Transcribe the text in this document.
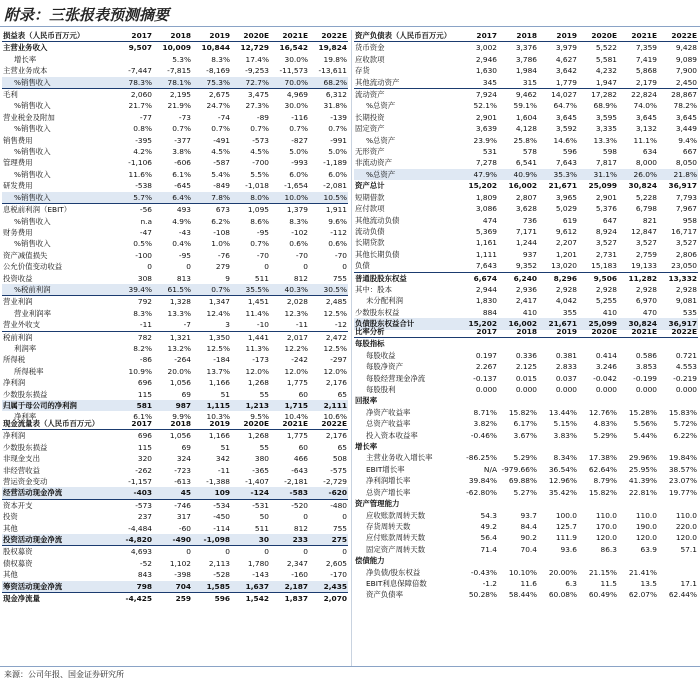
附录：三张报表预测摘要
损益表（人民币百万元）	2017	2018	2019	2020E	2021E	2022E
主营业务收入	9,507	10,009	10,844	12,729	16,542	19,824
增长率		5.3%	8.3%	17.4%	30.0%	19.8%
主营业务成本	-7,447	-7,815	-8,169	-9,253	-11,573	-13,611
%销售收入	78.3%	78.1%	75.3%	72.7%	70.0%	68.2%
毛利	2,060	2,195	2,675	3,475	4,969	6,312
%销售收入	21.7%	21.9%	24.7%	27.3%	30.0%	31.8%
营业税金及附加	-77	-73	-74	-89	-116	-139
%销售收入	0.8%	0.7%	0.7%	0.7%	0.7%	0.7%
销售费用	-395	-377	-491	-573	-827	-991
%销售收入	4.2%	3.8%	4.5%	4.5%	5.0%	5.0%
管理费用	-1,106	-606	-587	-700	-993	-1,189
%销售收入	11.6%	6.1%	5.4%	5.5%	6.0%	6.0%
研发费用	-538	-645	-849	-1,018	-1,654	-2,081
%销售收入	5.7%	6.4%	7.8%	8.0%	10.0%	10.5%
息税前利润（EBIT）	-56	493	673	1,095	1,379	1,911
%销售收入	n.a	4.9%	6.2%	8.6%	8.3%	9.6%
财务费用	-47	-43	-108	-95	-102	-112
%销售收入	0.5%	0.4%	1.0%	0.7%	0.6%	0.6%
资产减值损失	-100	-95	-76	-70	-70	-70
公允价值变动收益	0	0	279	0	0	0
投资收益	308	813	9	511	812	755
%税前利润	39.4%	61.5%	0.7%	35.5%	40.3%	30.5%
营业利润	792	1,328	1,347	1,451	2,028	2,485
营业利润率	8.3%	13.3%	12.4%	11.4%	12.3%	12.5%
营业外收支	-11	-7	3	-10	-11	-12
税前利润	782	1,321	1,350	1,441	2,017	2,472
利润率	8.2%	13.2%	12.5%	11.3%	12.2%	12.5%
所得税	-86	-264	-184	-173	-242	-297
所得税率	10.9%	20.0%	13.7%	12.0%	12.0%	12.0%
净利润	696	1,056	1,166	1,268	1,775	2,176
少数股东损益	115	69	51	55	60	65
归属于母公司的净利润	581	987	1,115	1,213	1,715	2,111
净利率	6.1%	9.9%	10.3%	9.5%	10.4%	10.6%
现金流量表（人民币百万元）	2017	2018	2019	2020E	2021E	2022E
净利润	696	1,056	1,166	1,268	1,775	2,176
少数股东损益	115	69	51	55	60	65
非现金支出	320	324	342	380	466	508
非经营收益	-262	-723	-11	-365	-643	-575
营运资金变动	-1,157	-613	-1,388	-1,407	-2,181	-2,729
经营活动现金净流	-403	45	109	-124	-583	-620
资本开支	-573	-746	-534	-531	-520	-480
投资	237	317	-450	50	0	0
其他	-4,484	-60	-114	511	812	755
投资活动现金净流	-4,820	-490	-1,098	30	233	275
股权募资	4,693	0	0	0	0	0
债权募资	-52	1,102	2,113	1,780	2,347	2,605
其他	843	-398	-528	-143	-160	-170
筹资活动现金净流	798	704	1,585	1,637	2,187	2,435
现金净流量	-4,425	259	596	1,542	1,837	2,070
资产负债表（人民币百万元）	2017	2018	2019	2020E	2021E	2022E
货币资金	3,002	3,376	3,979	5,522	7,359	9,428
应收款项	2,946	3,786	4,627	5,581	7,419	9,089
存货	1,630	1,984	3,642	4,232	5,868	7,900
其他流动资产	345	315	1,779	1,947	2,179	2,450
流动资产	7,924	9,462	14,027	17,282	22,824	28,867
%总资产	52.1%	59.1%	64.7%	68.9%	74.0%	78.2%
长期投资	2,901	1,604	3,645	3,595	3,645	3,645
固定资产	3,639	4,128	3,592	3,335	3,132	3,449
%总资产	23.9%	25.8%	14.6%	13.3%	11.1%	9.4%
无形资产	531	578	596	598	634	667
非流动资产	7,278	6,541	7,643	7,817	8,000	8,050
%总资产	47.9%	40.9%	35.3%	31.1%	26.0%	21.8%
资产总计	15,202	16,002	21,671	25,099	30,824	36,917
短期借款	1,809	2,807	3,965	2,901	5,228	7,793
应付款项	3,086	3,628	5,029	5,376	6,798	7,967
其他流动负债	474	736	619	647	821	958
流动负债	5,369	7,171	9,612	8,924	12,847	16,717
长期贷款	1,161	1,244	2,207	3,527	3,527	3,527
其他长期负债	1,111	937	1,201	2,731	2,759	2,806
负债	7,643	9,352	13,020	15,183	19,133	23,050
普通股股东权益	6,674	6,240	8,296	9,506	11,282	13,332
其中：股本	2,944	2,936	2,928	2,928	2,928	2,928
未分配利润	1,830	2,417	4,042	5,255	6,970	9,081
少数股东权益	884	410	355	410	470	535
负债股东权益合计	15,202	16,002	21,671	25,099	30,824	36,917
比率分析	2017	2018	2019	2020E	2021E	2022E
每股指标						
每股收益	0.197	0.336	0.381	0.414	0.586	0.721
每股净资产	2.267	2.125	2.833	3.246	3.853	4.553
每股经营现金净流	-0.137	0.015	0.037	-0.042	-0.199	-0.219
每股股利	0.000	0.000	0.000	0.000	0.000	0.000
回报率						
净资产收益率	8.71%	15.82%	13.44%	12.76%	15.28%	15.83%
总资产收益率	3.82%	6.17%	5.15%	4.83%	5.56%	5.72%
投入资本收益率	-0.46%	3.67%	3.83%	5.29%	5.44%	6.22%
增长率						
主营业务收入增长率	-86.25%	5.29%	8.34%	17.38%	29.96%	19.84%
EBIT增长率	N/A	-979.66%	36.54%	62.64%	25.95%	38.57%
净利润增长率	39.84%	69.88%	12.96%	8.79%	41.39%	23.07%
总资产增长率	-62.80%	5.27%	35.42%	15.82%	22.81%	19.77%
资产管理能力						
应收账款周转天数	54.3	93.7	100.0	110.0	110.0	110.0
存货周转天数	49.2	84.4	125.7	170.0	190.0	220.0
应付账款周转天数	56.4	90.2	111.9	120.0	120.0	120.0
固定资产周转天数	71.4	70.4	93.6	86.3	63.9	57.1
偿债能力						
净负债/股东权益	-0.43%	10.10%	20.00%	21.15%	21.41%	
EBIT利息保障倍数	-1.2	11.6	6.3	11.5	13.5	17.1
资产负债率	50.28%	58.44%	60.08%	60.49%	62.07%	62.44%
来源：公司年报、国金证券研究所
